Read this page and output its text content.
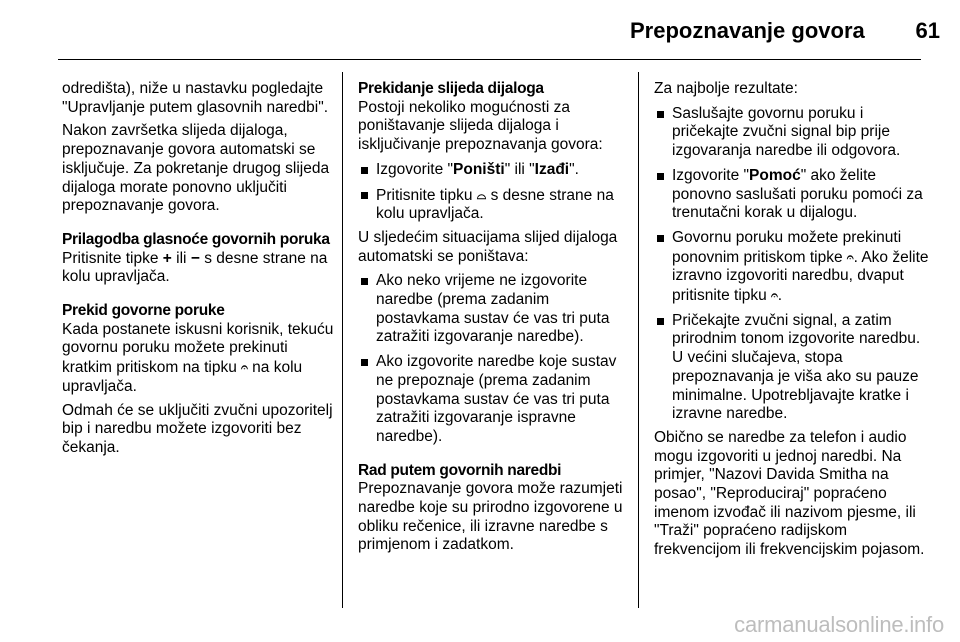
Prepoznavanje govora	61

odredišta), niže u nastavku pogledajte "Upravljanje putem glasovnih naredbi".

Nakon završetka slijeda dijaloga, prepoznavanje govora automatski se isključuje. Za pokretanje drugog slijeda dijaloga morate ponovno uključiti prepoznavanje govora.

Prilagodba glasnoće govornih poruka

Pritisnite tipke + ili − s desne strane na kolu upravljača.

Prekid govorne poruke

Kada postanete iskusni korisnik, tekuću govornu poruku možete prekinuti kratkim pritiskom na tipku 𝄐 na kolu upravljača.

Odmah će se uključiti zvučni upozoritelj bip i naredbu možete izgovoriti bez čekanja.

Prekidanje slijeda dijaloga

Postoji nekoliko mogućnosti za poništavanje slijeda dijaloga i isključivanje prepoznavanja govora:

Izgovorite "Poništi" ili "Izađi".
Pritisnite tipku ⌓ s desne strane na kolu upravljača.

U sljedećim situacijama slijed dijaloga automatski se poništava:

Ako neko vrijeme ne izgovorite naredbe (prema zadanim postavkama sustav će vas tri puta zatražiti izgovaranje naredbe).
Ako izgovorite naredbe koje sustav ne prepoznaje (prema zadanim postavkama sustav će vas tri puta zatražiti izgovaranje ispravne naredbe).
Rad putem govornih naredbi

Prepoznavanje govora može razumjeti naredbe koje su prirodno izgovorene u obliku rečenice, ili izravne naredbe s primjenom i zadatkom.

Za najbolje rezultate:

Saslušajte govornu poruku i pričekajte zvučni signal bip prije izgovaranja naredbe ili odgovora.
Izgovorite "Pomoć" ako želite ponovno saslušati poruku pomoći za trenutačni korak u dijalogu.
Govornu poruku možete prekinuti ponovnim pritiskom tipke 𝄐. Ako želite izravno izgovoriti naredbu, dvaput pritisnite tipku 𝄐.
Pričekajte zvučni signal, a zatim prirodnim tonom izgovorite naredbu. U većini slučajeva, stopa prepoznavanja je viša ako su pauze minimalne. Upotrebljavajte kratke i izravne naredbe.

Obično se naredbe za telefon i audio mogu izgovoriti u jednoj naredbi. Na primjer, "Nazovi Davida Smitha na posao", "Reproduciraj" popraćeno imenom izvođač ili nazivom pjesme, ili "Traži" popraćeno radijskom frekvencijom ili frekvencijskim pojasom.

carmanualsonline.info
